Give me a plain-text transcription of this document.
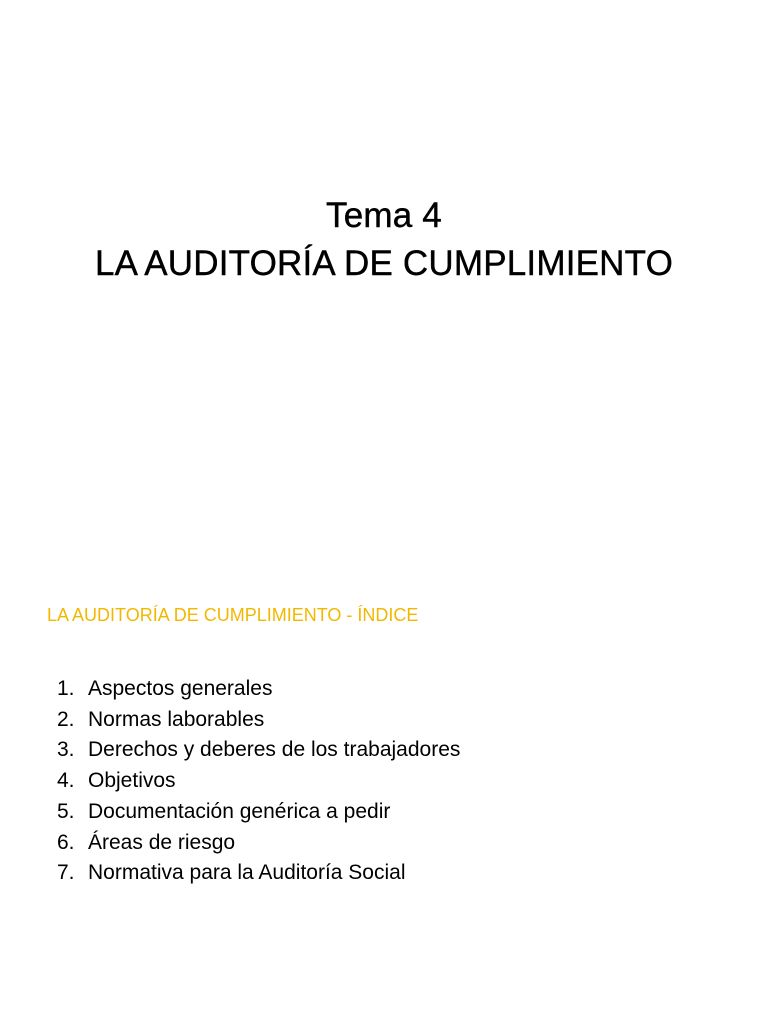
Tema 4
LA AUDITORÍA DE CUMPLIMIENTO
LA AUDITORÍA DE CUMPLIMIENTO - ÍNDICE
1. Aspectos generales
2. Normas laborables
3. Derechos y deberes de los trabajadores
4. Objetivos
5. Documentación genérica a pedir
6. Áreas de riesgo
7. Normativa para la Auditoría Social
